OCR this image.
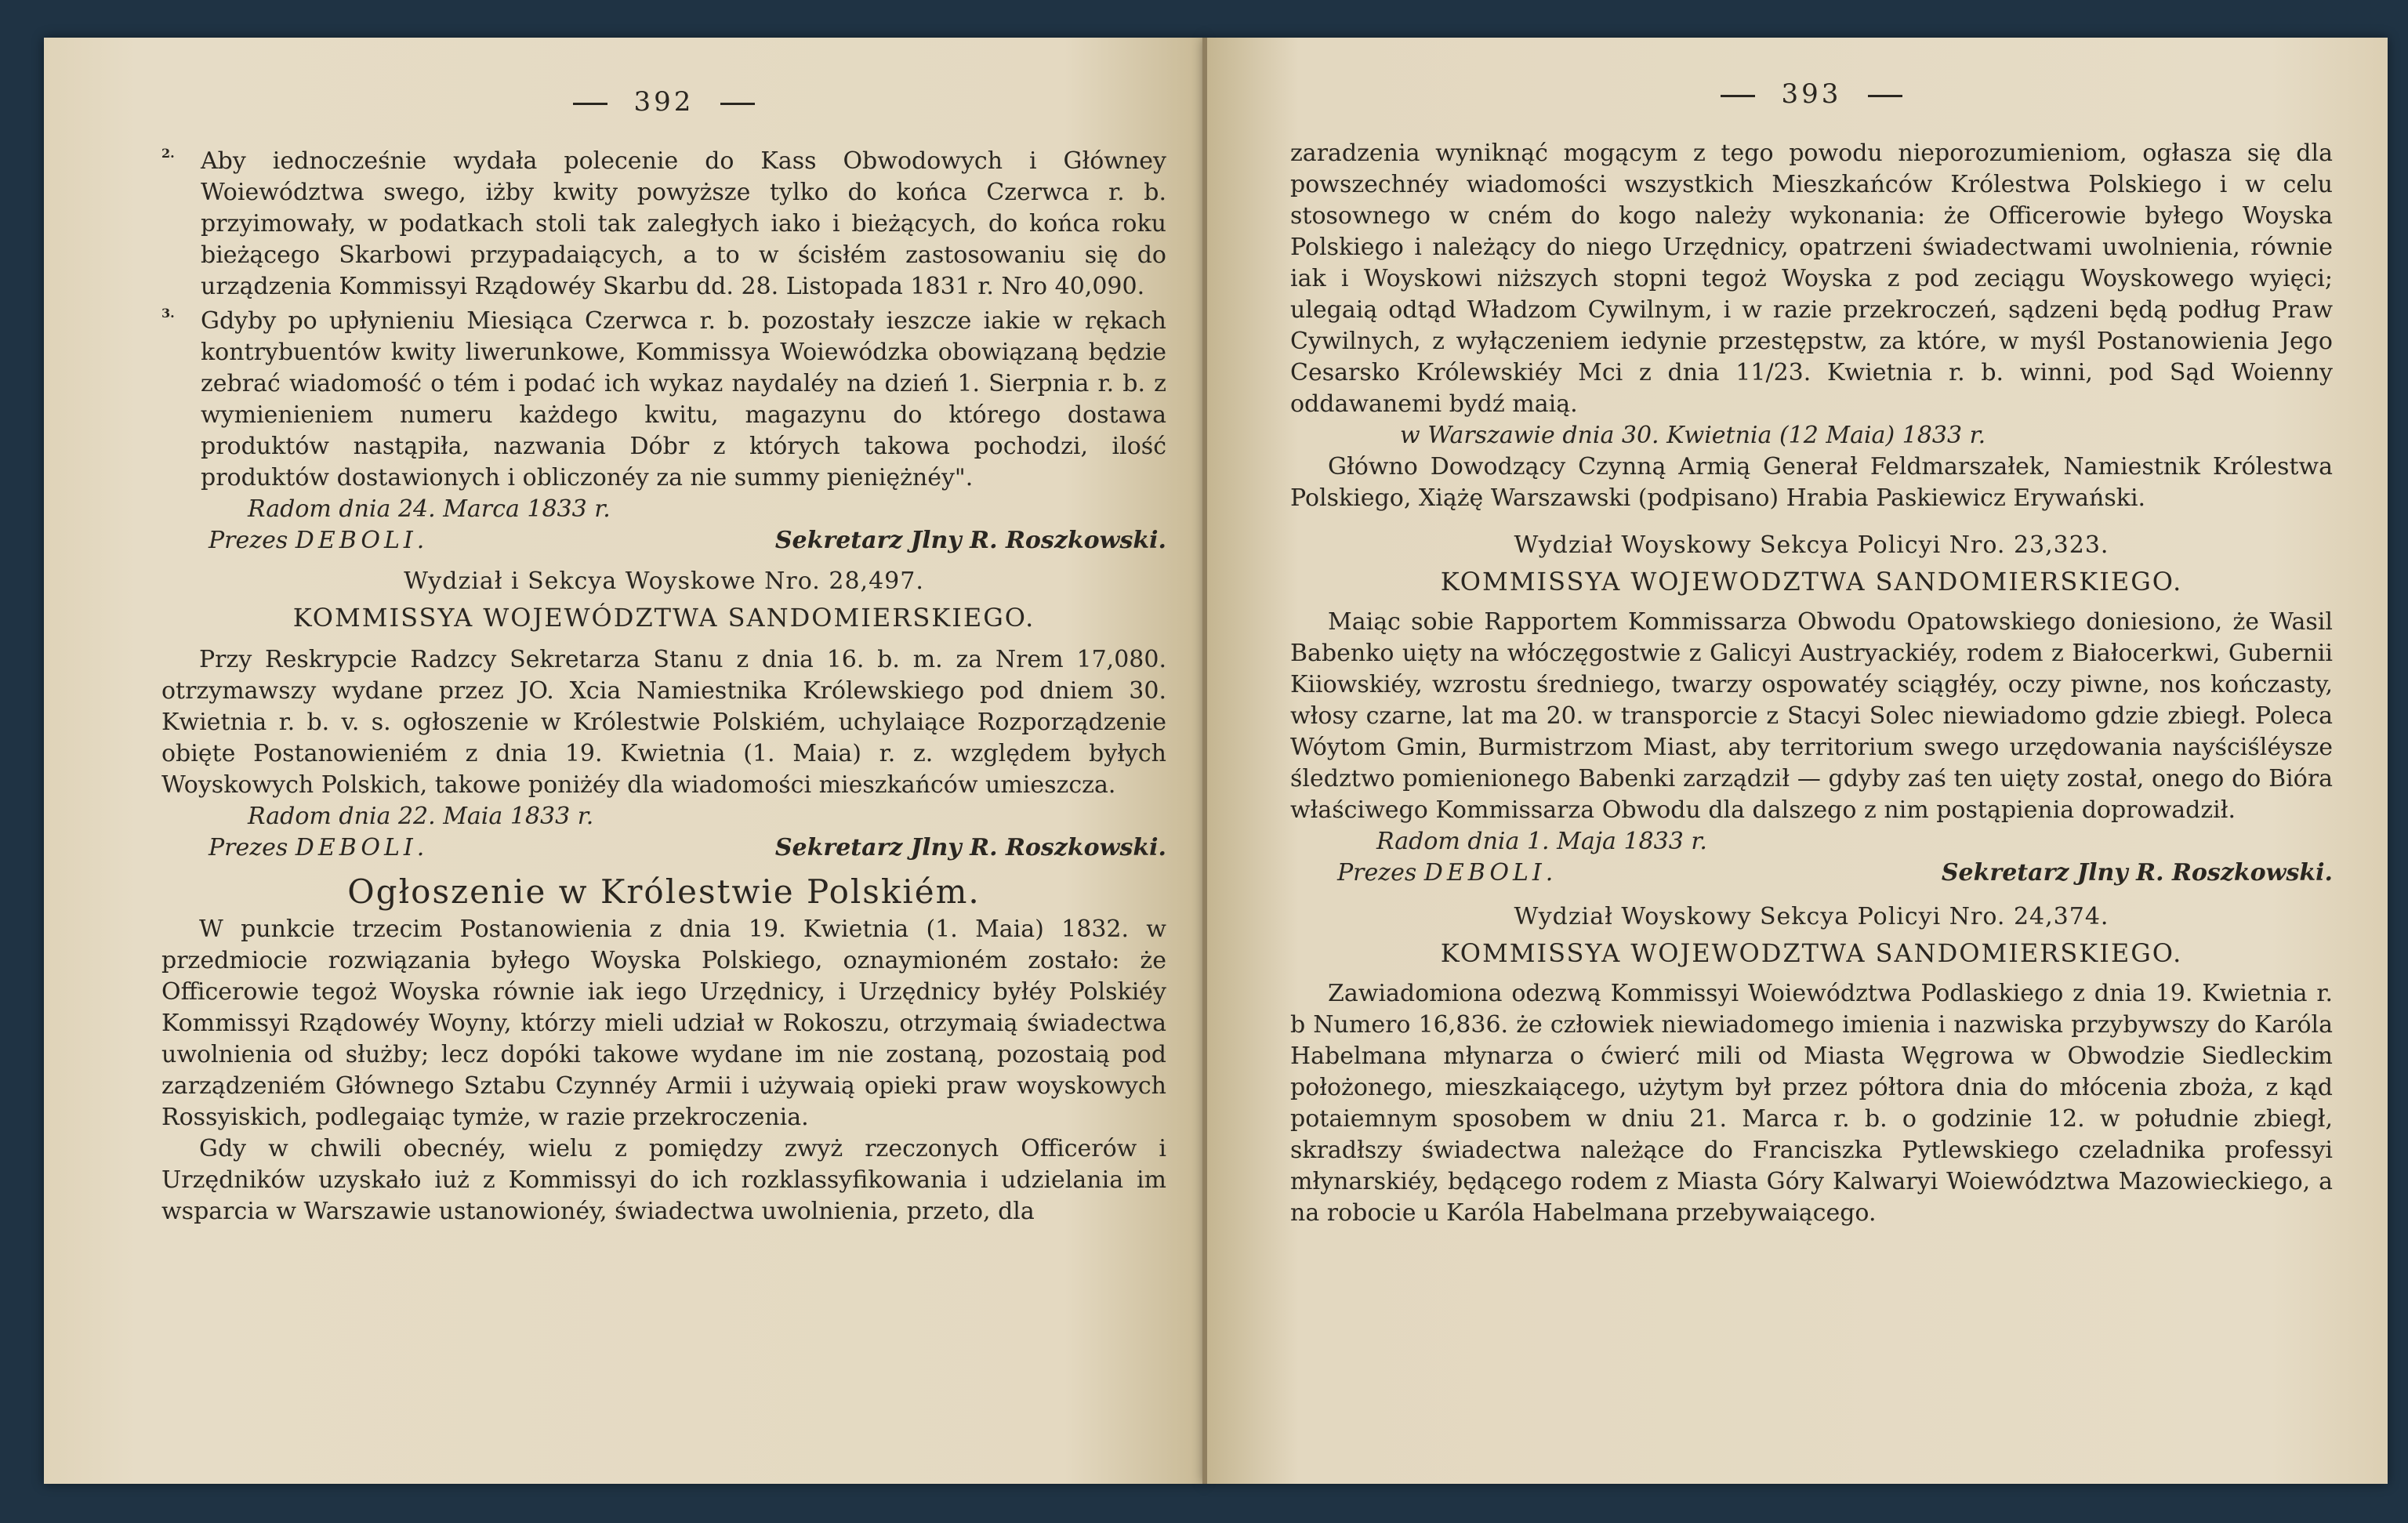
392
2.	Aby iednocześnie wydała polecenie do Kass Obwodowych i Główney Woiewództwa swego, iżby kwity powyższe tylko do końca Czerwca r. b. przyimowały, w podatkach stoli tak zaległych iako i bieżących, do końca roku bieżącego Skarbowi przypadaiących, a to w ścisłém zastosowaniu się do urządzenia Kommissyi Rządowéy Skarbu dd. 28. Listopada 1831 r. Nro 40,090.

3.	Gdyby po upłynieniu Miesiąca Czerwca r. b. pozostały ieszcze iakie w rękach kontrybuentów kwity liwerunkowe, Kommissya Woiewódzka obowiązaną będzie zebrać wiadomość o tém i podać ich wykaz naydaléy na dzień 1. Sierpnia r. b. z wymienieniem numeru każdego kwitu, magazynu do którego dostawa produktów nastąpiła, nazwania Dóbr z których takowa pochodzi, ilość produktów dostawionych i obliczonéy za nie summy pieniężnéy".

Radom dnia 24. Marca 1833 r.
Prezes DEBOLI.	Sekretarz Jlny R. Roszkowski.
Wydział i Sekcya Woyskowe Nro. 28,497.
KOMMISSYA WOJEWÓDZTWA SANDOMIERSKIEGO.

Przy Reskrypcie Radzcy Sekretarza Stanu z dnia 16. b. m. za Nrem 17,080. otrzymawszy wydane przez JO. Xcia Namiestnika Królewskiego pod dniem 30. Kwietnia r. b. v. s. ogłoszenie w Królestwie Polskiém, uchylaiące Rozporządzenie obięte Postanowieniém z dnia 19. Kwietnia (1. Maia) r. z. względem byłych Woyskowych Polskich, takowe poniżéy dla wiadomości mieszkańców umieszcza.

Radom dnia 22. Maia 1833 r.
Prezes DEBOLI.	Sekretarz Jlny R. Roszkowski.
Ogłoszenie w Królestwie Polskiém.

W punkcie trzecim Postanowienia z dnia 19. Kwietnia (1. Maia) 1832. w przedmiocie rozwiązania byłego Woyska Polskiego, oznaymioném zostało: że Officerowie tegoż Woyska równie iak iego Urzędnicy, i Urzędnicy byłéy Polskiéy Kommissyi Rządowéy Woyny, którzy mieli udział w Rokoszu, otrzymaią świadectwa uwolnienia od służby; lecz dopóki takowe wydane im nie zostaną, pozostaią pod zarządzeniém Głównego Sztabu Czynnéy Armii i używaią opieki praw woyskowych Rossyiskich, podlegaiąc tymże, w razie przekroczenia.

Gdy w chwili obecnéy, wielu z pomiędzy zwyż rzeczonych Officerów i Urzędników uzyskało iuż z Kommissyi do ich rozklassyfikowania i udzielania im wsparcia w Warszawie ustanowionéy, świadectwa uwolnienia, przeto, dla

393

zaradzenia wyniknąć mogącym z tego powodu nieporozumieniom, ogłasza się dla powszechnéy wiadomości wszystkich Mieszkańców Królestwa Polskiego i w celu stosownego w cném do kogo należy wykonania: że Officerowie byłego Woyska Polskiego i należący do niego Urzędnicy, opatrzeni świadectwami uwolnienia, równie iak i Woyskowi niższych stopni tegoż Woyska z pod zeciągu Woyskowego wyięci; ulegaią odtąd Władzom Cywilnym, i w razie przekroczeń, sądzeni będą podług Praw Cywilnych, z wyłączeniem iedynie przestępstw, za które, w myśl Postanowienia Jego Cesarsko Królewskiéy Mci z dnia 11/23. Kwietnia r. b. winni, pod Sąd Woienny oddawanemi bydź maią.

w Warszawie dnia 30. Kwietnia (12 Maia) 1833 r.

Główno Dowodzący Czynną Armią Generał Feldmarszałek, Namiestnik Królestwa Polskiego, Xiążę Warszawski (podpisano) Hrabia Paskiewicz Erywański.

Wydział Woyskowy Sekcya Policyi Nro. 23,323.
KOMMISSYA WOJEWODZTWA SANDOMIERSKIEGO.

Maiąc sobie Rapportem Kommissarza Obwodu Opatowskiego doniesiono, że Wasil Babenko uięty na włóczęgostwie z Galicyi Austryackiéy, rodem z Białocerkwi, Gubernii Kiiowskiéy, wzrostu średniego, twarzy ospowatéy sciągłéy, oczy piwne, nos kończasty, włosy czarne, lat ma 20. w transporcie z Stacyi Solec niewiadomo gdzie zbiegł. Poleca Wóytom Gmin, Burmistrzom Miast, aby territorium swego urzędowania nayściśléysze śledztwo pomienionego Babenki zarządził — gdyby zaś ten uięty został, onego do Bióra właściwego Kommissarza Obwodu dla dalszego z nim postąpienia doprowadził.

Radom dnia 1. Maja 1833 r.
Prezes DEBOLI.	Sekretarz Jlny R. Roszkowski.
Wydział Woyskowy Sekcya Policyi Nro. 24,374.
KOMMISSYA WOJEWODZTWA SANDOMIERSKIEGO.

Zawiadomiona odezwą Kommissyi Woiewództwa Podlaskiego z dnia 19. Kwietnia r. b Numero 16,836. że człowiek niewiadomego imienia i nazwiska przybywszy do Karóla Habelmana młynarza o ćwierć mili od Miasta Węgrowa w Obwodzie Siedleckim położonego, mieszkaiącego, użytym był przez półtora dnia do młócenia zboża, z kąd potaiemnym sposobem w dniu 21. Marca r. b. o godzinie 12. w południe zbiegł, skradłszy świadectwa należące do Franciszka Pytlewskiego czeladnika professyi młynarskiéy, będącego rodem z Miasta Góry Kalwaryi Woiewództwa Mazowieckiego, a na robocie u Karóla Habelmana przebywaiącego.
